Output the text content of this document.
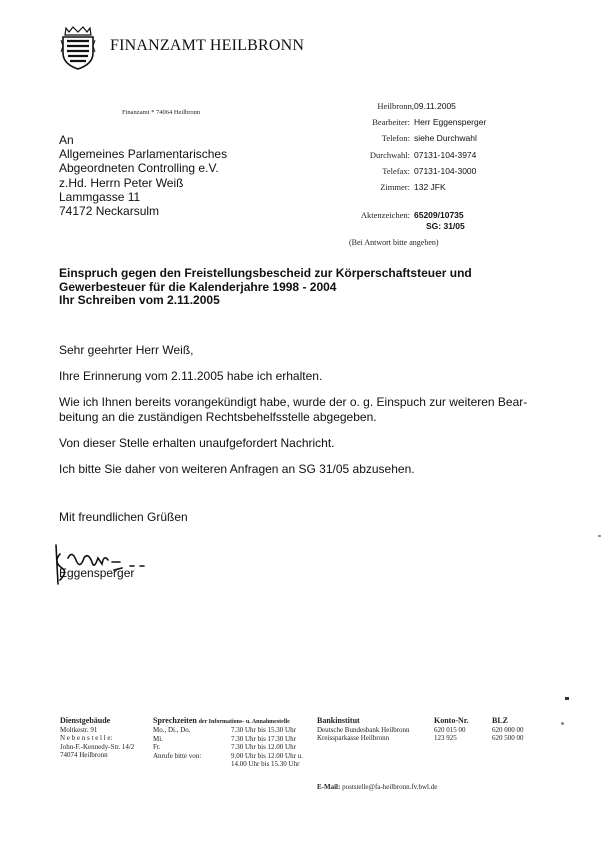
FINANZAMT HEILBRONN
Finanzamt * 74064 Heilbronn
An
Allgemeines Parlamentarisches
Abgeordneten Controlling e.V.
z.Hd. Herrn Peter Weiß
Lammgasse 11
74172 Neckarsulm
Heilbronn, 09.11.2005
Bearbeiter: Herr Eggensperger
Telefon: siehe Durchwahl
Durchwahl: 07131-104-3974
Telefax: 07131-104-3000
Zimmer: 132 JFK
Aktenzeichen: 65209/10735
SG: 31/05
(Bei Antwort bitte angeben)
Einspruch gegen den Freistellungsbescheid zur Körperschaftsteuer und
Gewerbesteuer für die Kalenderjahre 1998 - 2004
Ihr Schreiben vom 2.11.2005
Sehr geehrter Herr Weiß,
Ihre Erinnerung vom 2.11.2005 habe ich erhalten.
Wie ich Ihnen bereits vorangekündigt habe, wurde der o. g. Einspuch zur weiteren Bear-
beitung an die zuständigen Rechtsbehelfsstelle abgegeben.
Von dieser Stelle erhalten unaufgefordert Nachricht.
Ich bitte Sie daher von weiteren Anfragen an SG 31/05 abzusehen.
Mit freundlichen Grüßen
Eggensperger
Dienstgebäude
Moltkestr. 91
N e b e n s t e l l e:
John-F.-Kennedy-Str. 14/2
74074 Heilbronn
Sprechzeiten der Informations- u. Annahmestelle
Mo., Di., Do.
Mi.
Fr.
Anrufe bitte von:
7.30 Uhr bis 15.30 Uhr
7.30 Uhr bis 17.30 Uhr
7.30 Uhr bis 12.00 Uhr
9.00 Uhr bis 12.00 Uhr u.
14.00 Uhr bis 15.30 Uhr
Bankinstitut
Deutsche Bundesbank Heilbronn
Kreissparkasse Heilbronn
Konto-Nr.
620 015 00
123 925
BLZ
620 000 00
620 500 00
E-Mail: poststelle@fa-heilbronn.fv.bwl.de
